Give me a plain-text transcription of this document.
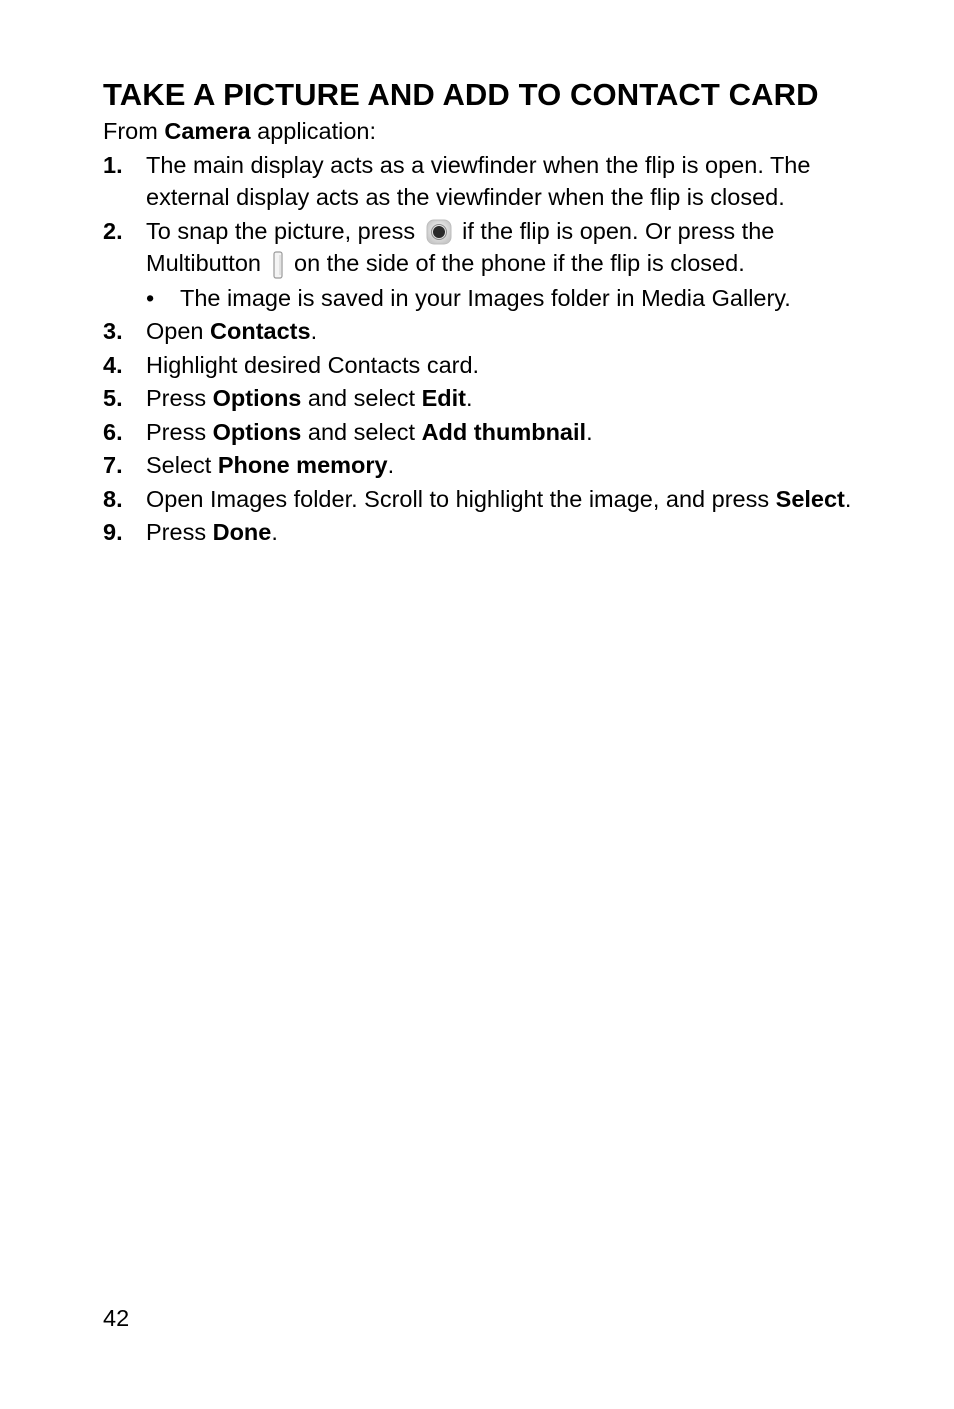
TAKE A PICTURE AND ADD TO CONTACT CARD

From Camera application:

1. The main display acts as a viewfinder when the flip is open. The external display acts as the viewfinder when the flip is closed.
2. To snap the picture, press if the flip is open. Or press the Multibutton on the side of the phone if the flip is closed.
• The image is saved in your Images folder in Media Gallery.
3. Open Contacts.
4. Highlight desired Contacts card.
5. Press Options and select Edit.
6. Press Options and select Add thumbnail.
7. Select Phone memory.
8. Open Images folder. Scroll to highlight the image, and press Select.
9. Press Done.
42
